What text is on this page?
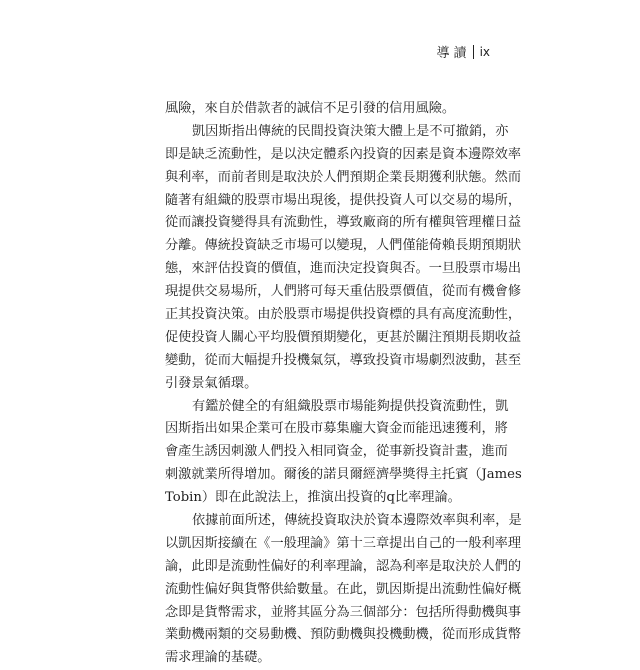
導讀 ix
風險，來自於借款者的誠信不足引發的信用風險。
凱因斯指出傳統的民間投資決策大體上是不可撤銷，亦
即是缺乏流動性，是以決定體系內投資的因素是資本邊際效率
與利率，而前者則是取決於人們預期企業長期獲利狀態。然而
隨著有組織的股票市場出現後，提供投資人可以交易的場所，
從而讓投資變得具有流動性，導致廠商的所有權與管理權日益
分離。傳統投資缺乏市場可以變現，人們僅能倚賴長期預期狀
態，來評估投資的價值，進而決定投資與否。一旦股票市場出
現提供交易場所，人們將可每天重估股票價值，從而有機會修
正其投資決策。由於股票市場提供投資標的具有高度流動性，
促使投資人關心平均股價預期變化，更甚於關注預期長期收益
變動，從而大幅提升投機氣氛，導致投資市場劇烈波動，甚至
引發景氣循環。
有鑑於健全的有組織股票市場能夠提供投資流動性，凱
因斯指出如果企業可在股市募集龐大資金而能迅速獲利，將
會產生誘因刺激人們投入相同資金，從事新投資計畫，進而
刺激就業所得增加。爾後的諾貝爾經濟學獎得主托賓（James
Tobin）即在此說法上，推演出投資的q比率理論。
依據前面所述，傳統投資取決於資本邊際效率與利率，是
以凱因斯接續在《一般理論》第十三章提出自己的一般利率理
論，此即是流動性偏好的利率理論，認為利率是取決於人們的
流動性偏好與貨幣供給數量。在此，凱因斯提出流動性偏好概
念即是貨幣需求，並將其區分為三個部分：包括所得動機與事
業動機兩類的交易動機、預防動機與投機動機，從而形成貨幣
需求理論的基礎。
